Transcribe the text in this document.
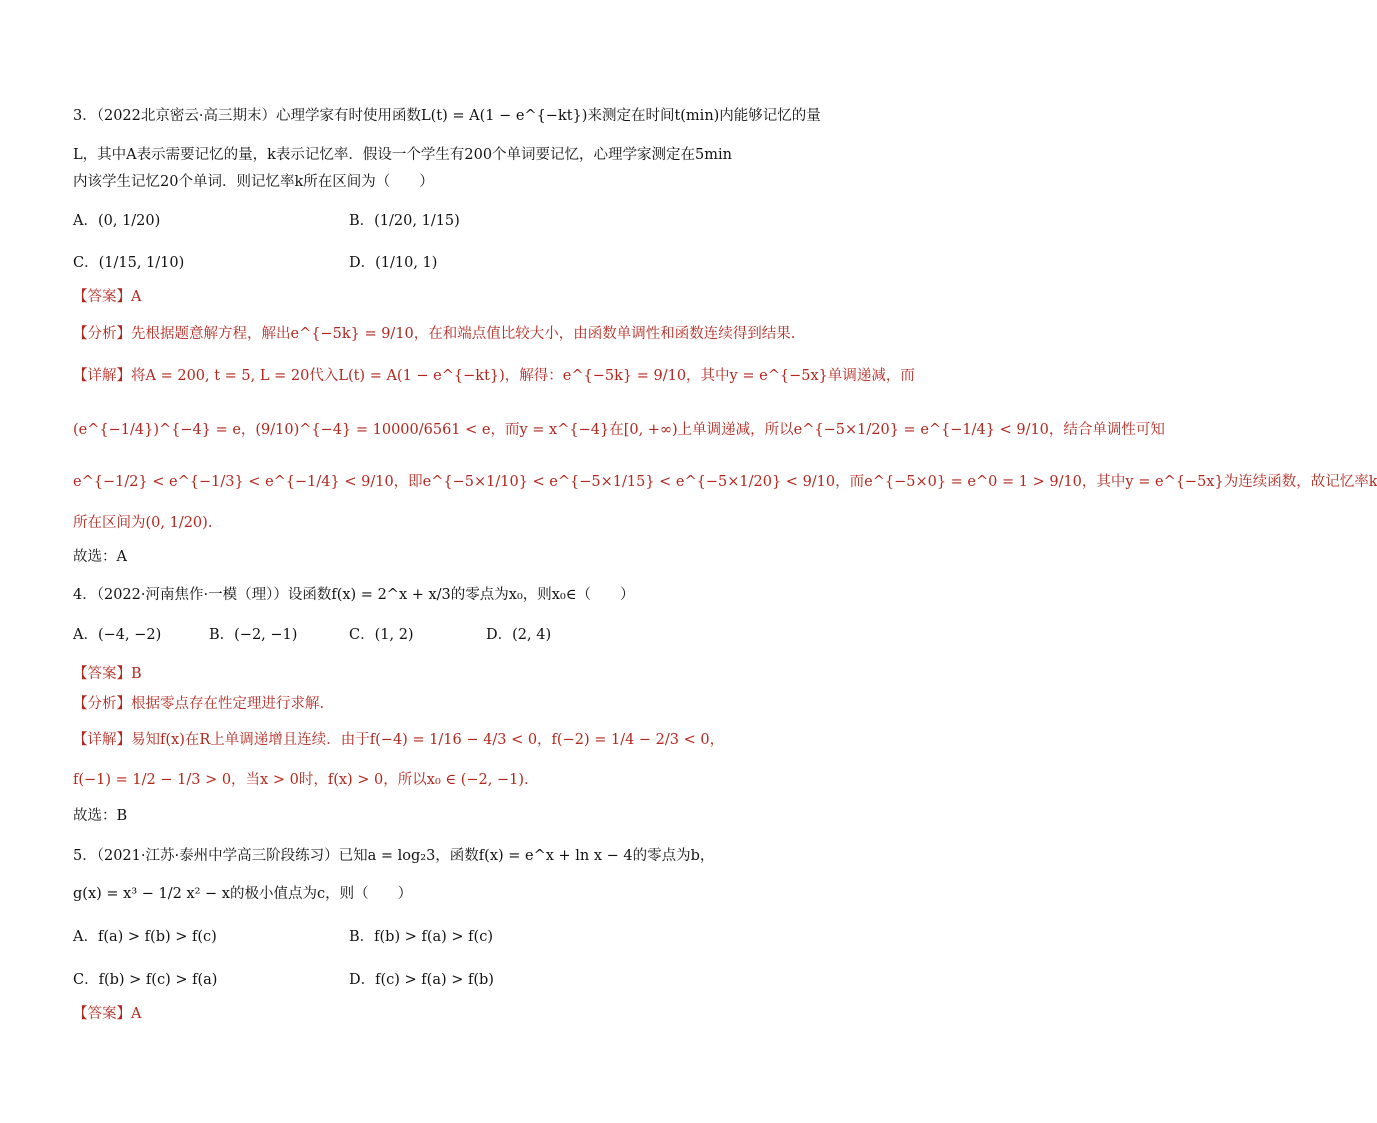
3．（2022北京密云·高三期末）心理学家有时使用函数L(t) = A(1 − e^{−kt})来测定在时间t(min)内能够记忆的量
L，其中A表示需要记忆的量，k表示记忆率．假设一个学生有200个单词要记忆，心理学家测定在5min
内该学生记忆20个单词．则记忆率k所在区间为（　　）
A．(0, 1/20)	B．(1/20, 1/15)
C．(1/15, 1/10)	D．(1/10, 1)
【答案】A
【分析】先根据题意解方程，解出e^{−5k} = 9/10，在和端点值比较大小，由函数单调性和函数连续得到结果.
【详解】将A = 200, t = 5, L = 20代入L(t) = A(1 − e^{−kt})，解得：e^{−5k} = 9/10，其中y = e^{−5x}单调递减，而
(e^{−1/4})^{−4} = e，(9/10)^{−4} = 10000/6561 < e，而y = x^{−4}在[0, +∞)上单调递减，所以e^{−5×1/20} = e^{−1/4} < 9/10，结合单调性可知
e^{−1/2} < e^{−1/3} < e^{−1/4} < 9/10，即e^{−5×1/10} < e^{−5×1/15} < e^{−5×1/20} < 9/10，而e^{−5×0} = e^0 = 1 > 9/10，其中y = e^{−5x}为连续函数，故记忆率k
所在区间为(0, 1/20).
故选：A
4．（2022·河南焦作·一模（理））设函数f(x) = 2^x + x/3的零点为x₀，则x₀∈（　　）
A．(−4, −2)	B．(−2, −1)	C．(1, 2)	D．(2, 4)
【答案】B
【分析】根据零点存在性定理进行求解.
【详解】易知f(x)在R上单调递增且连续．由于f(−4) = 1/16 − 4/3 < 0，f(−2) = 1/4 − 2/3 < 0，
f(−1) = 1/2 − 1/3 > 0，当x > 0时，f(x) > 0，所以x₀ ∈ (−2, −1).
故选：B
5．（2021·江苏·泰州中学高三阶段练习）已知a = log₂3，函数f(x) = e^x + ln x − 4的零点为b，
g(x) = x³ − 1/2 x² − x的极小值点为c，则（　　）
A．f(a) > f(b) > f(c)	B．f(b) > f(a) > f(c)
C．f(b) > f(c) > f(a)	D．f(c) > f(a) > f(b)
【答案】A
